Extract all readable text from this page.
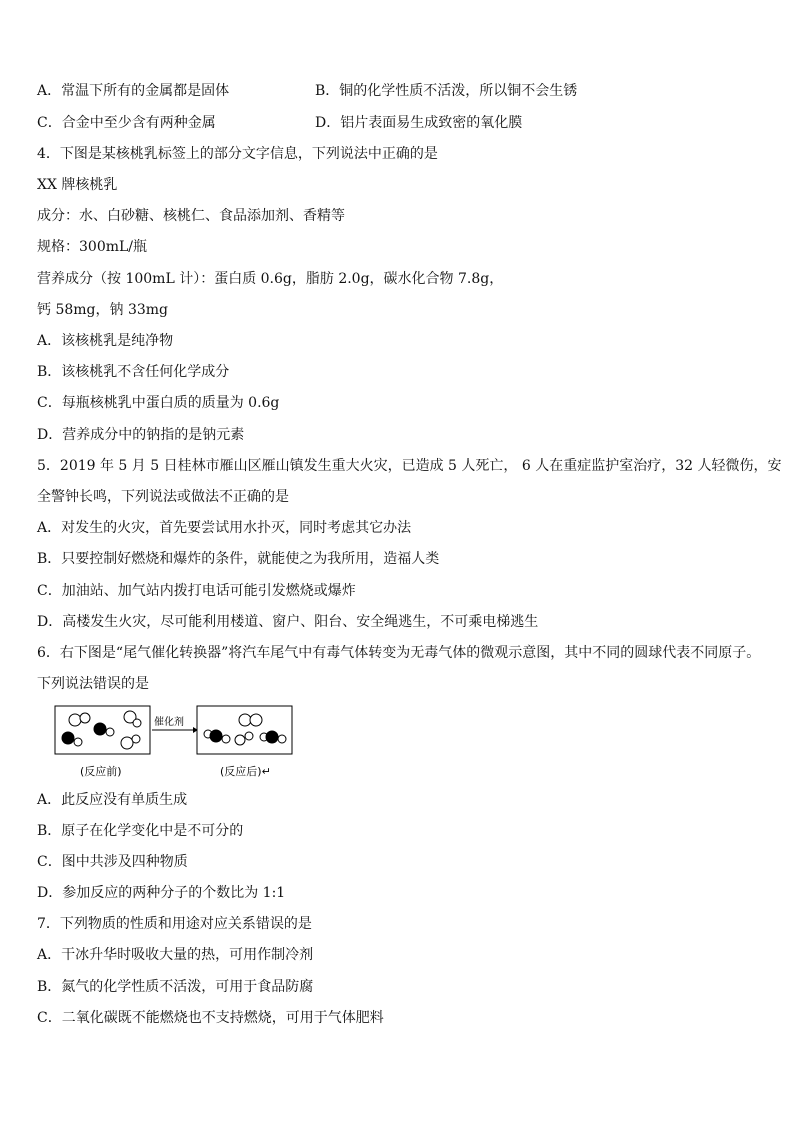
A．常温下所有的金属都是固体	B．铜的化学性质不活泼，所以铜不会生锈
C．合金中至少含有两种金属	D．铝片表面易生成致密的氧化膜
4．下图是某核桃乳标签上的部分文字信息，下列说法中正确的是
XX 牌核桃乳
成分：水、白砂糖、核桃仁、食品添加剂、香精等
规格：300mL/瓶
营养成分（按 100mL 计）：蛋白质 0.6g，脂肪 2.0g，碳水化合物 7.8g，
钙 58mg，钠 33mg
A．该核桃乳是纯净物
B．该核桃乳不含任何化学成分
C．每瓶核桃乳中蛋白质的质量为 0.6g
D．营养成分中的钠指的是钠元素
5．2019 年 5 月 5 日桂林市雁山区雁山镇发生重大火灾，已造成 5 人死亡， 6 人在重症监护室治疗，32 人轻微伤，安
全警钟长鸣，下列说法或做法不正确的是
A．对发生的火灾，首先要尝试用水扑灭，同时考虑其它办法
B．只要控制好燃烧和爆炸的条件，就能使之为我所用，造福人类
C．加油站、加气站内拨打电话可能引发燃烧或爆炸
D．高楼发生火灾，尽可能利用楼道、窗户、阳台、安全绳逃生，不可乘电梯逃生
6．右下图是“尾气催化转换器”将汽车尾气中有毒气体转变为无毒气体的微观示意图，其中不同的圆球代表不同原子。
下列说法错误的是
催化剂
(反应前)	(反应后)↵
A．此反应没有单质生成
B．原子在化学变化中是不可分的
C．图中共涉及四种物质
D．参加反应的两种分子的个数比为 1:1
7．下列物质的性质和用途对应关系错误的是
A．干冰升华时吸收大量的热，可用作制冷剂
B．氮气的化学性质不活泼，可用于食品防腐
C．二氧化碳既不能燃烧也不支持燃烧，可用于气体肥料
